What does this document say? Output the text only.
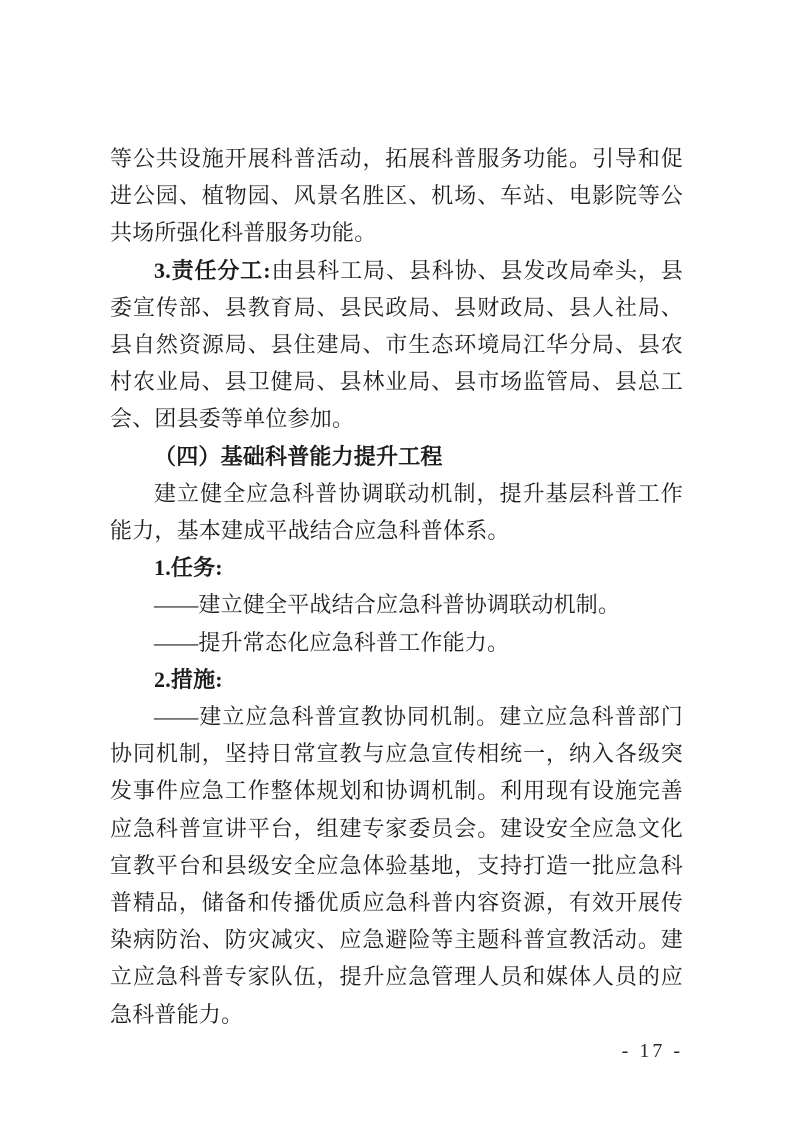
等公共设施开展科普活动，拓展科普服务功能。引导和促进公园、植物园、风景名胜区、机场、车站、电影院等公共场所强化科普服务功能。

3.责任分工:由县科工局、县科协、县发改局牵头，县委宣传部、县教育局、县民政局、县财政局、县人社局、县自然资源局、县住建局、市生态环境局江华分局、县农村农业局、县卫健局、县林业局、县市场监管局、县总工会、团县委等单位参加。

（四）基础科普能力提升工程

建立健全应急科普协调联动机制，提升基层科普工作能力，基本建成平战结合应急科普体系。

1.任务:

——建立健全平战结合应急科普协调联动机制。

——提升常态化应急科普工作能力。

2.措施:

——建立应急科普宣教协同机制。建立应急科普部门协同机制，坚持日常宣教与应急宣传相统一，纳入各级突发事件应急工作整体规划和协调机制。利用现有设施完善应急科普宣讲平台，组建专家委员会。建设安全应急文化宣教平台和县级安全应急体验基地，支持打造一批应急科普精品，储备和传播优质应急科普内容资源，有效开展传染病防治、防灾减灾、应急避险等主题科普宣教活动。建立应急科普专家队伍，提升应急管理人员和媒体人员的应急科普能力。

- 17 -
